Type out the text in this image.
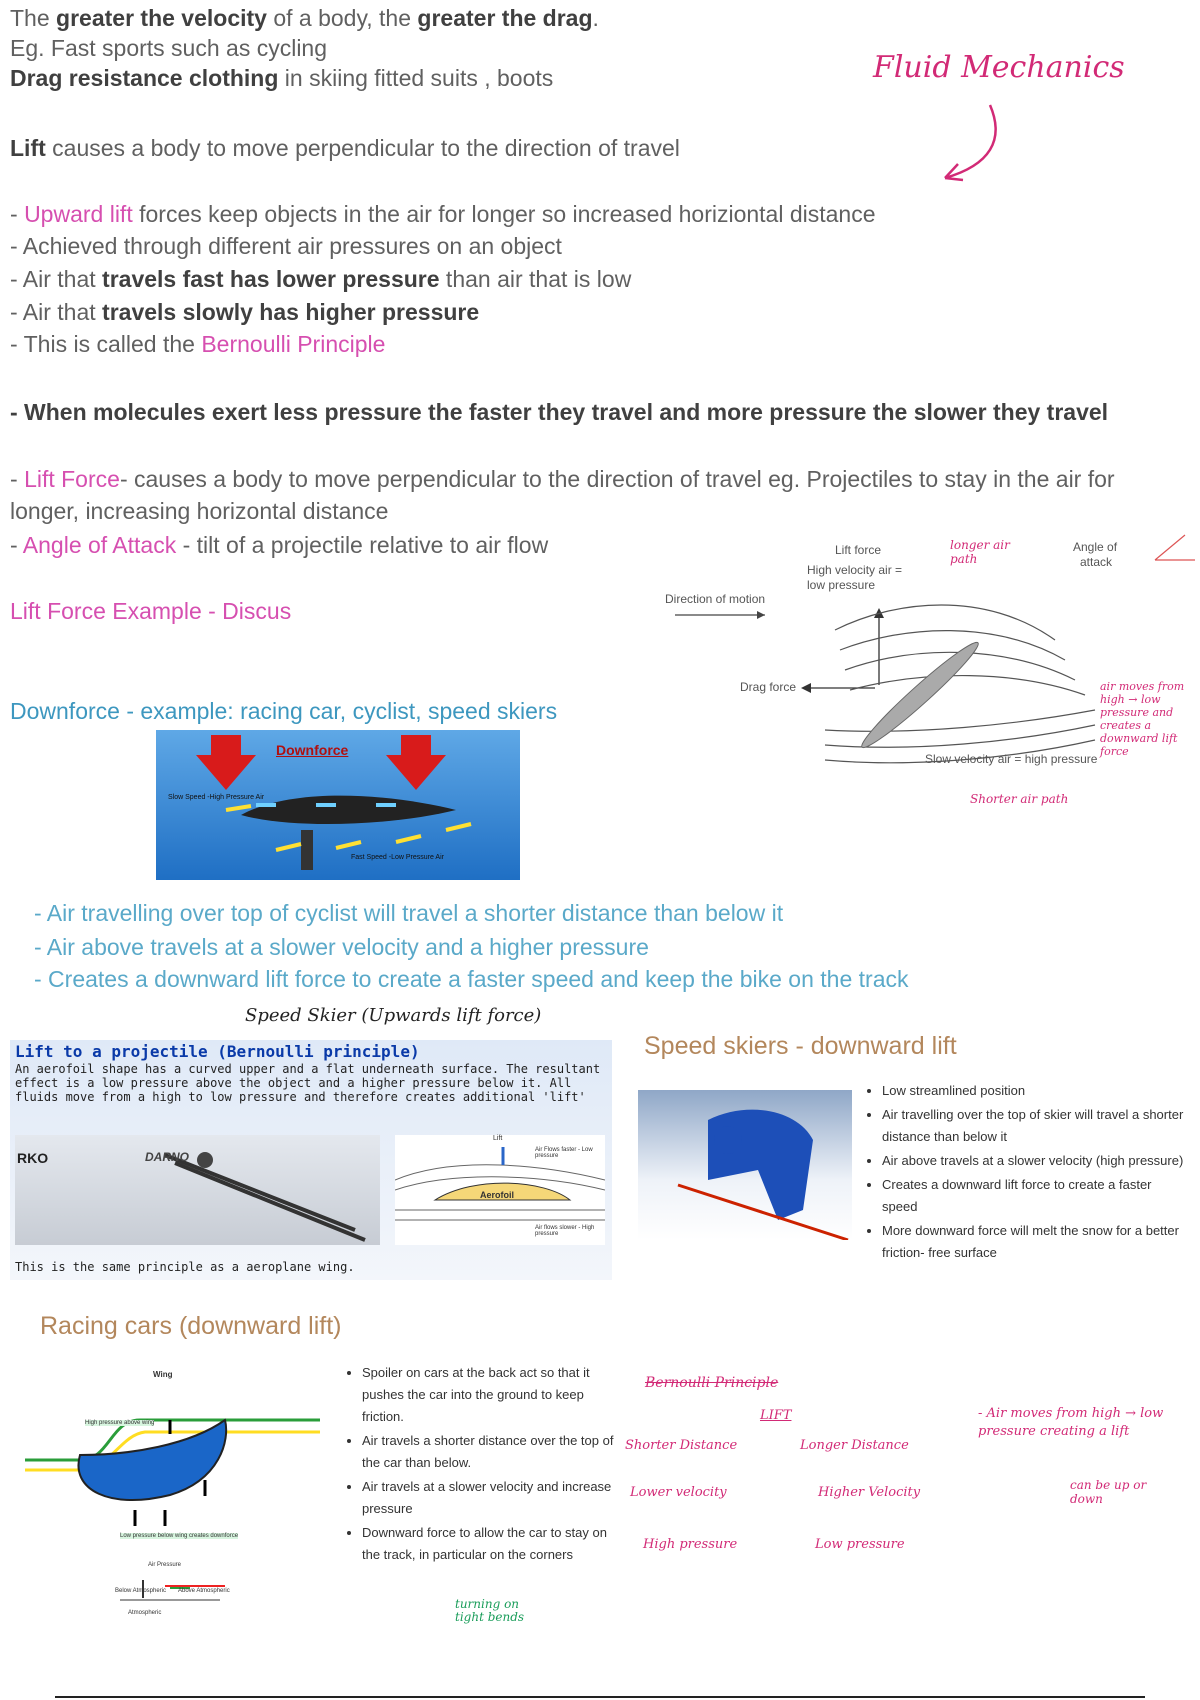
The greater the velocity of a body, the greater the drag.
Eg. Fast sports such as cycling
Drag resistance clothing in skiing fitted suits , boots
Lift causes a body to move perpendicular to the direction of travel
Fluid Mechanics
- Upward lift forces keep objects in the air for longer so increased horiziontal distance
- Achieved through different air pressures on an object
- Air that travels fast has lower pressure than air that is low
- Air that travels slowly has higher pressure
- This is called the Bernoulli Principle
- When molecules exert less pressure the faster they travel and more pressure the slower they travel
- Lift Force- causes a body to move perpendicular to the direction of travel eg. Projectiles to stay in the air for
longer, increasing horizontal distance
- Angle of Attack - tilt of a projectile relative to air flow
Lift Force Example - Discus
Downforce - example: racing car, cyclist, speed skiers
Lift force
High velocity air =
low pressure
Direction of motion
Drag force
Angle of
attack
Slow velocity air = high pressure
longer air path
Shorter air path
air moves from high → low pressure and creates a downward lift force
Downforce
Slow Speed -High Pressure Air
Fast Speed -Low Pressure Air
- Air travelling over top of cyclist will travel a shorter distance than below it
- Air above travels at a slower velocity and a higher pressure
- Creates a downward lift force to create a faster speed and keep the bike on the track
Speed Skier (Upwards lift force)
Lift to a projectile (Bernoulli principle)
An aerofoil shape has a curved upper and a flat underneath surface. The resultant effect is a low pressure above the object and a higher pressure below it. All fluids move from a high to low pressure and therefore creates additional 'lift'
RKO	DARNO
Lift
Aerofoil
Air Flows faster - Low pressure
Air flows slower - High pressure
This is the same principle as a aeroplane wing.
Speed skiers - downward lift
• Low streamlined position
• Air travelling over the top of skier will travel a shorter distance than below it
• Air above travels at a slower velocity (high pressure)
• Creates a downward lift force to create a faster speed
• More downward force will melt the snow for a better friction- free surface
Racing cars (downward lift)
Wing
High pressure above wing
Low pressure below wing creates downforce
Air Pressure
Below Atmospheric Above Atmospheric
Atmospheric
• Spoiler on cars at the back act so that it pushes the car into the ground to keep friction.
• Air travels a shorter distance over the top of the car than below.
• Air travels at a slower velocity and increase pressure
• Downward force to allow the car to stay on the track, in particular on the corners
turning on tight bends
Bernoulli Principle
LIFT
Shorter Distance	Longer Distance
Lower velocity	Higher Velocity
High pressure	Low pressure
- Air moves from high → low pressure creating a lift
can be up or down
